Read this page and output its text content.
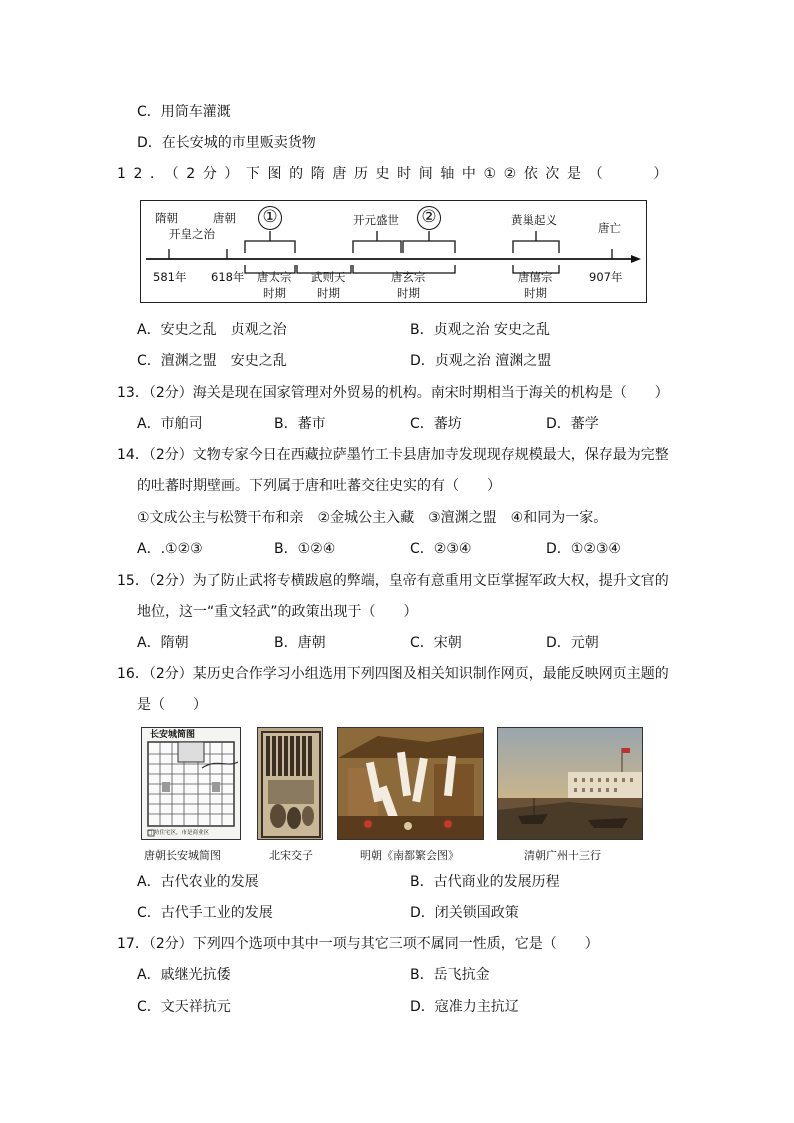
C．用筒车灌溉
D．在长安城的市里贩卖货物
12．（2分）下图的隋唐历史时间轴中①②依次是（　　）
隋朝
开皇之治
唐朝 ①	开元盛世 ②	黄巢起义
唐亡
581年 618年 唐太宗
时期
武则天
时期
唐玄宗
时期
唐僖宗
时期
907年
A．安史之乱　贞观之治	B．贞观之治 安史之乱
C．澶渊之盟　安史之乱	D．贞观之治 澶渊之盟
13．（2分）海关是现在国家管理对外贸易的机构。南宋时期相当于海关的机构是（　　）
A．市舶司	B．蕃市	C．蕃坊	D．蕃学
14．（2分）文物专家今日在西藏拉萨墨竹工卡县唐加寺发现现存规模最大，保存最为完整
的吐蕃时期壁画。下列属于唐和吐蕃交往史实的有（　　）
①文成公主与松赞干布和亲　②金城公主入藏　③澶渊之盟　④和同为一家。
A．.①②③	B．①②④	C．②③④	D．①②③④
15．（2分）为了防止武将专横跋扈的弊端，皇帝有意重用文臣掌握军政大权，提升文官的
地位，这一“重文轻武”的政策出现于（　　）
A．隋朝	B．唐朝	C．宋朝	D．元朝
16．（2分）某历史合作学习小组选用下列四图及相关知识制作网页，最能反映网页主题的
是（　　）
长安城简图
□ 坊住宅区，市是商业区
唐朝长安城简图	北宋交子	明朝《南都繁会图》	清朝广州十三行
A．古代农业的发展	B．古代商业的发展历程
C．古代手工业的发展	D．闭关锁国政策
17．（2分）下列四个选项中其中一项与其它三项不属同一性质，它是（　　）
A．戚继光抗倭	B．岳飞抗金
C．文天祥抗元	D．寇准力主抗辽
